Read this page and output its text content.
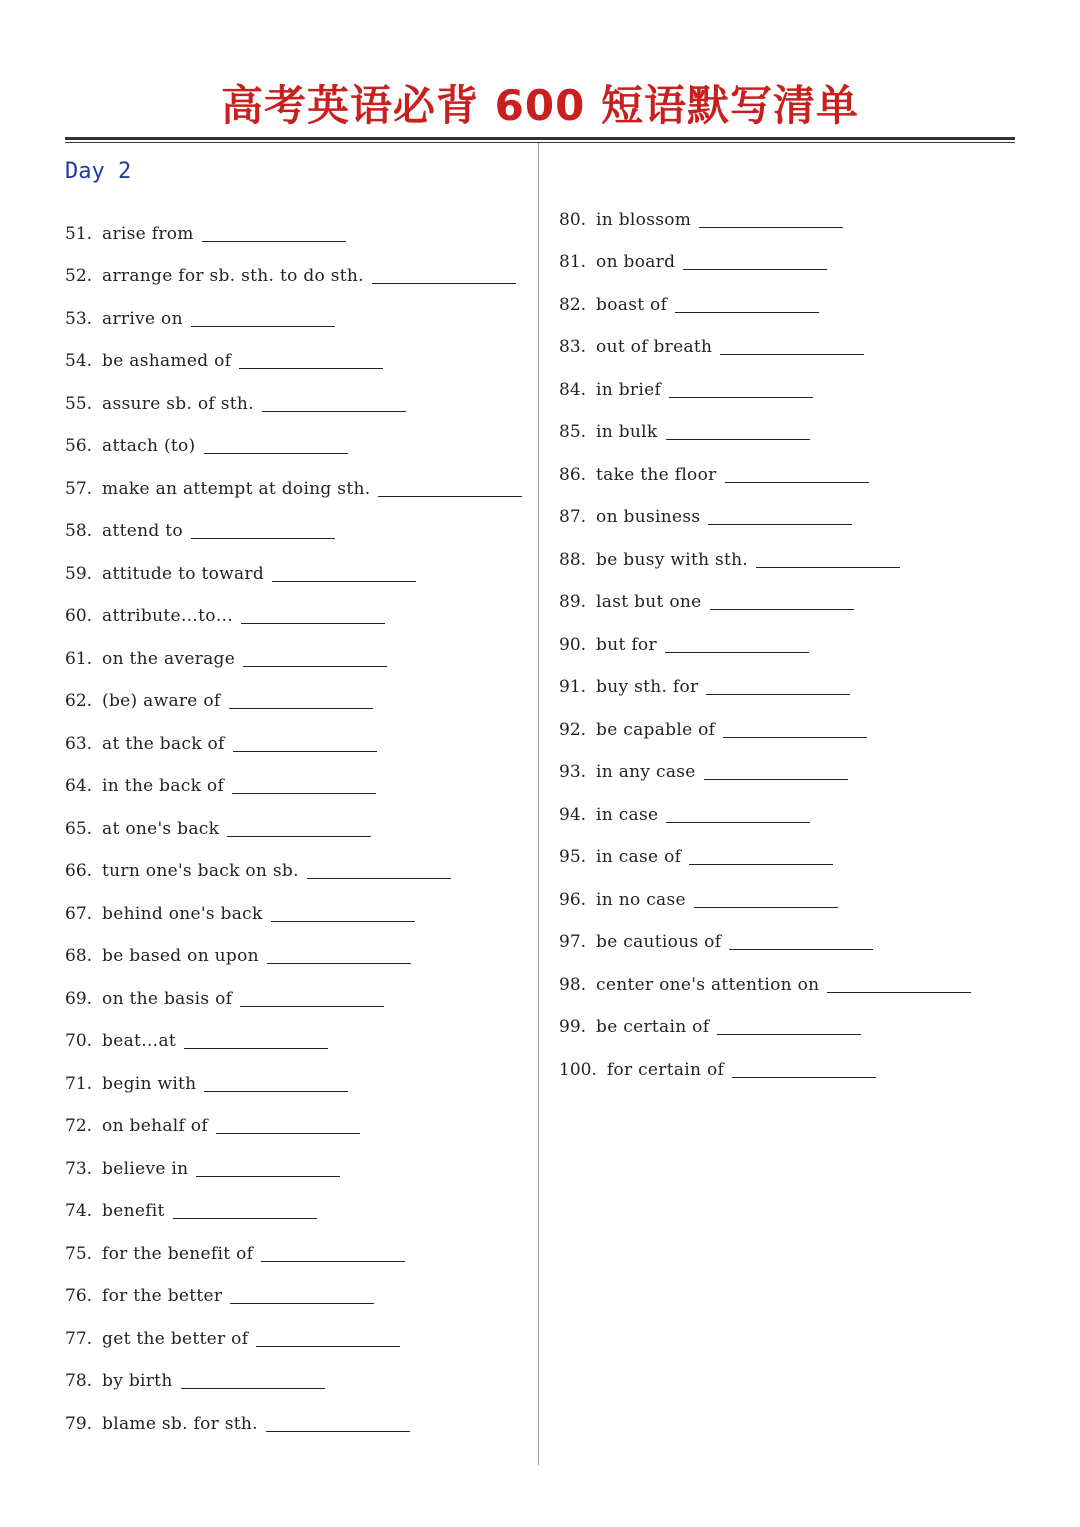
高考英语必背 600 短语默写清单
Day 2
51. arise from
52. arrange for sb. sth. to do sth.
53. arrive on
54. be ashamed of
55. assure sb. of sth.
56. attach (to)
57. make an attempt at doing sth.
58. attend to
59. attitude to toward
60. attribute…to…
61. on the average
62. (be) aware of
63. at the back of
64. in the back of
65. at one's back
66. turn one's back on sb.
67. behind one's back
68. be based on upon
69. on the basis of
70. beat…at
71. begin with
72. on behalf of
73. believe in
74. benefit
75. for the benefit of
76. for the better
77. get the better of
78. by birth
79. blame sb. for sth.
80. in blossom
81. on board
82. boast of
83. out of breath
84. in brief
85. in bulk
86. take the floor
87. on business
88. be busy with sth.
89. last but one
90. but for
91. buy sth. for
92. be capable of
93. in any case
94. in case
95. in case of
96. in no case
97. be cautious of
98. center one's attention on
99. be certain of
100. for certain of
